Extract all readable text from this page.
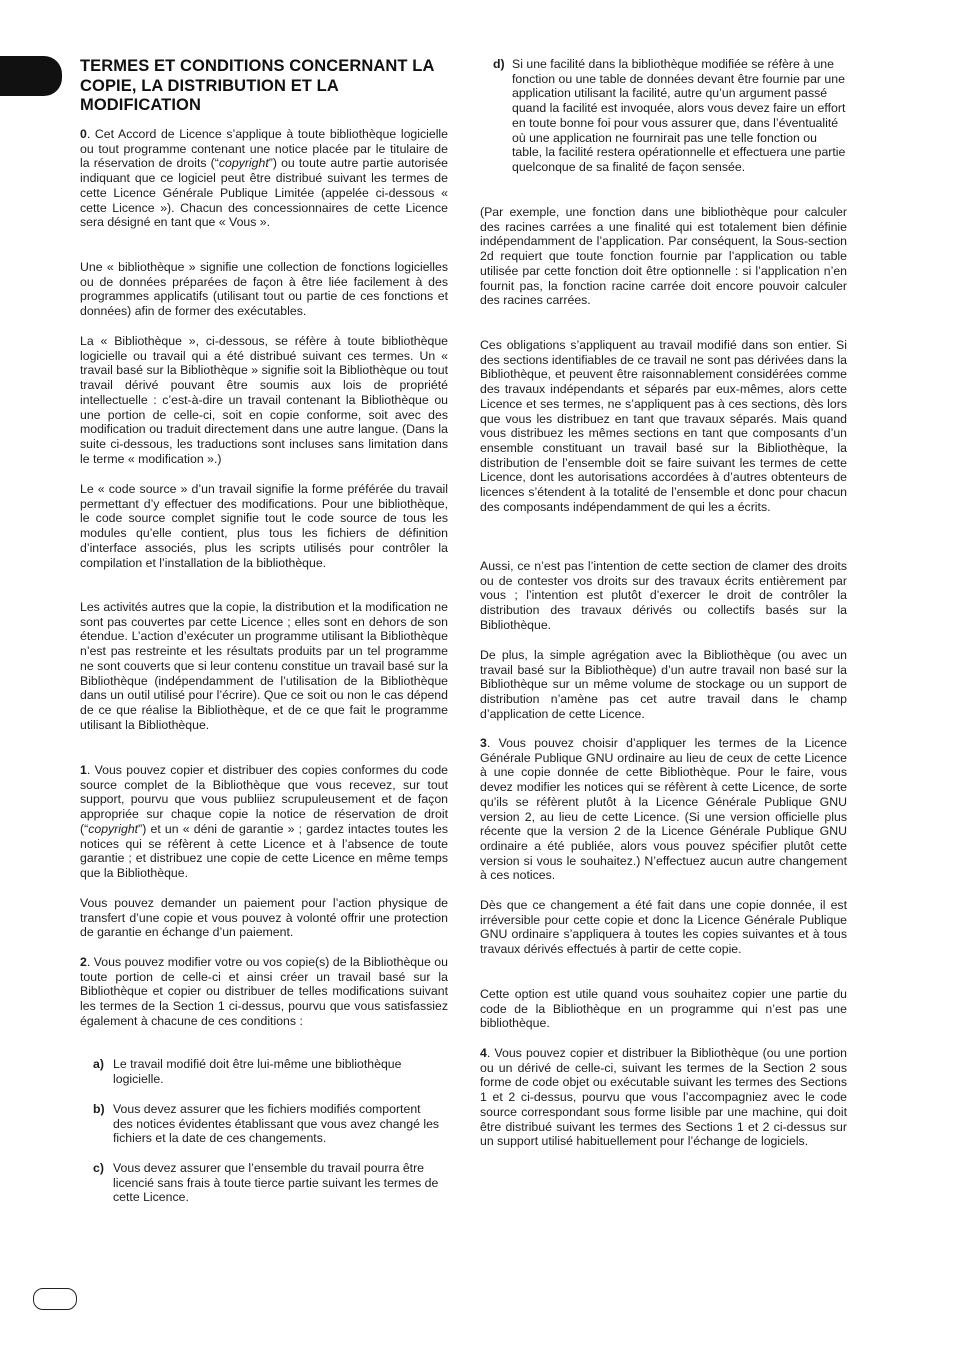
TERMES ET CONDITIONS CONCERNANT LA COPIE, LA DISTRIBUTION ET LA MODIFICATION

0. Cet Accord de Licence s’applique à toute bibliothèque logicielle ou tout programme contenant une notice placée par le titulaire de la réservation de droits (“copyright”) ou toute autre partie autorisée indiquant que ce logiciel peut être distribué suivant les termes de cette Licence Générale Publique Limitée (appelée ci-dessous « cette Licence »). Chacun des concessionnaires de cette Licence sera désigné en tant que « Vous ».

Une « bibliothèque » signifie une collection de fonctions logicielles ou de données préparées de façon à être liée facilement à des programmes applicatifs (utilisant tout ou partie de ces fonctions et données) afin de former des exécutables.

La « Bibliothèque », ci-dessous, se réfère à toute bibliothèque logicielle ou travail qui a été distribué suivant ces termes. Un « travail basé sur la Bibliothèque » signifie soit la Bibliothèque ou tout travail dérivé pouvant être soumis aux lois de propriété intellectuelle : c’est-à-dire un travail contenant la Bibliothèque ou une portion de celle-ci, soit en copie conforme, soit avec des modification ou traduit directement dans une autre langue. (Dans la suite ci-dessous, les traductions sont incluses sans limitation dans le terme « modification ».)

Le « code source » d’un travail signifie la forme préférée du travail permettant d’y effectuer des modifications. Pour une bibliothèque, le code source complet signifie tout le code source de tous les modules qu’elle contient, plus tous les fichiers de définition d’interface associés, plus les scripts utilisés pour contrôler la compilation et l’installation de la bibliothèque.

Les activités autres que la copie, la distribution et la modification ne sont pas couvertes par cette Licence ; elles sont en dehors de son étendue. L’action d’exécuter un programme utilisant la Bibliothèque n’est pas restreinte et les résultats produits par un tel programme ne sont couverts que si leur contenu constitue un travail basé sur la Bibliothèque (indépendamment de l’utilisation de la Bibliothèque dans un outil utilisé pour l’écrire). Que ce soit ou non le cas dépend de ce que réalise la Bibliothèque, et de ce que fait le programme utilisant la Bibliothèque.

1. Vous pouvez copier et distribuer des copies conformes du code source complet de la Bibliothèque que vous recevez, sur tout support, pourvu que vous publiiez scrupuleusement et de façon appropriée sur chaque copie la notice de réservation de droit (“copyright”) et un « déni de garantie » ; gardez intactes toutes les notices qui se réfèrent à cette Licence et à l’absence de toute garantie ; et distribuez une copie de cette Licence en même temps que la Bibliothèque.

Vous pouvez demander un paiement pour l’action physique de transfert d’une copie et vous pouvez à volonté offrir une protection de garantie en échange d’un paiement.

2. Vous pouvez modifier votre ou vos copie(s) de la Bibliothèque ou toute portion de celle-ci et ainsi créer un travail basé sur la Bibliothèque et copier ou distribuer de telles modifications suivant les termes de la Section 1 ci-dessus, pourvu que vous satisfassiez également à chacune de ces conditions :

a) Le travail modifié doit être lui-même une bibliothèque logicielle.
b) Vous devez assurer que les fichiers modifiés comportent des notices évidentes établissant que vous avez changé les fichiers et la date de ces changements.
c) Vous devez assurer que l’ensemble du travail pourra être licencié sans frais à toute tierce partie suivant les termes de cette Licence.
d) Si une facilité dans la bibliothèque modifiée se réfère à une fonction ou une table de données devant être fournie par une application utilisant la facilité, autre qu’un argument passé quand la facilité est invoquée, alors vous devez faire un effort en toute bonne foi pour vous assurer que, dans l’éventualité où une application ne fournirait pas une telle fonction ou table, la facilité restera opérationnelle et effectuera une partie quelconque de sa finalité de façon sensée.

(Par exemple, une fonction dans une bibliothèque pour calculer des racines carrées a une finalité qui est totalement bien définie indépendamment de l’application. Par conséquent, la Sous-section 2d requiert que toute fonction fournie par l’application ou table utilisée par cette fonction doit être optionnelle : si l’application n’en fournit pas, la fonction racine carrée doit encore pouvoir calculer des racines carrées.

Ces obligations s’appliquent au travail modifié dans son entier. Si des sections identifiables de ce travail ne sont pas dérivées dans la Bibliothèque, et peuvent être raisonnablement considérées comme des travaux indépendants et séparés par eux-mêmes, alors cette Licence et ses termes, ne s’appliquent pas à ces sections, dès lors que vous les distribuez en tant que travaux séparés. Mais quand vous distribuez les mêmes sections en tant que composants d’un ensemble constituant un travail basé sur la Bibliothèque, la distribution de l’ensemble doit se faire suivant les termes de cette Licence, dont les autorisations accordées à d’autres obtenteurs de licences s’étendent à la totalité de l’ensemble et donc pour chacun des composants indépendamment de qui les a écrits.

Aussi, ce n’est pas l’intention de cette section de clamer des droits ou de contester vos droits sur des travaux écrits entièrement par vous ; l’intention est plutôt d’exercer le droit de contrôler la distribution des travaux dérivés ou collectifs basés sur la Bibliothèque.

De plus, la simple agrégation avec la Bibliothèque (ou avec un travail basé sur la Bibliothèque) d’un autre travail non basé sur la Bibliothèque sur un même volume de stockage ou un support de distribution n’amène pas cet autre travail dans le champ d’application de cette Licence.

3. Vous pouvez choisir d’appliquer les termes de la Licence Générale Publique GNU ordinaire au lieu de ceux de cette Licence à une copie donnée de cette Bibliothèque. Pour le faire, vous devez modifier les notices qui se réfèrent à cette Licence, de sorte qu’ils se réfèrent plutôt à la Licence Générale Publique GNU version 2, au lieu de cette Licence. (Si une version officielle plus récente que la version 2 de la Licence Générale Publique GNU ordinaire a été publiée, alors vous pouvez spécifier plutôt cette version si vous le souhaitez.) N’effectuez aucun autre changement à ces notices.

Dès que ce changement a été fait dans une copie donnée, il est irréversible pour cette copie et donc la Licence Générale Publique GNU ordinaire s’appliquera à toutes les copies suivantes et à tous travaux dérivés effectués à partir de cette copie.

Cette option est utile quand vous souhaitez copier une partie du code de la Bibliothèque en un programme qui n’est pas une bibliothèque.

4. Vous pouvez copier et distribuer la Bibliothèque (ou une portion ou un dérivé de celle-ci, suivant les termes de la Section 2 sous forme de code objet ou exécutable suivant les termes des Sections 1 et 2 ci-dessus, pourvu que vous l’accompagniez avec le code source correspondant sous forme lisible par une machine, qui doit être distribué suivant les termes des Sections 1 et 2 ci-dessus sur un support utilisé habituellement pour l’échange de logiciels.
